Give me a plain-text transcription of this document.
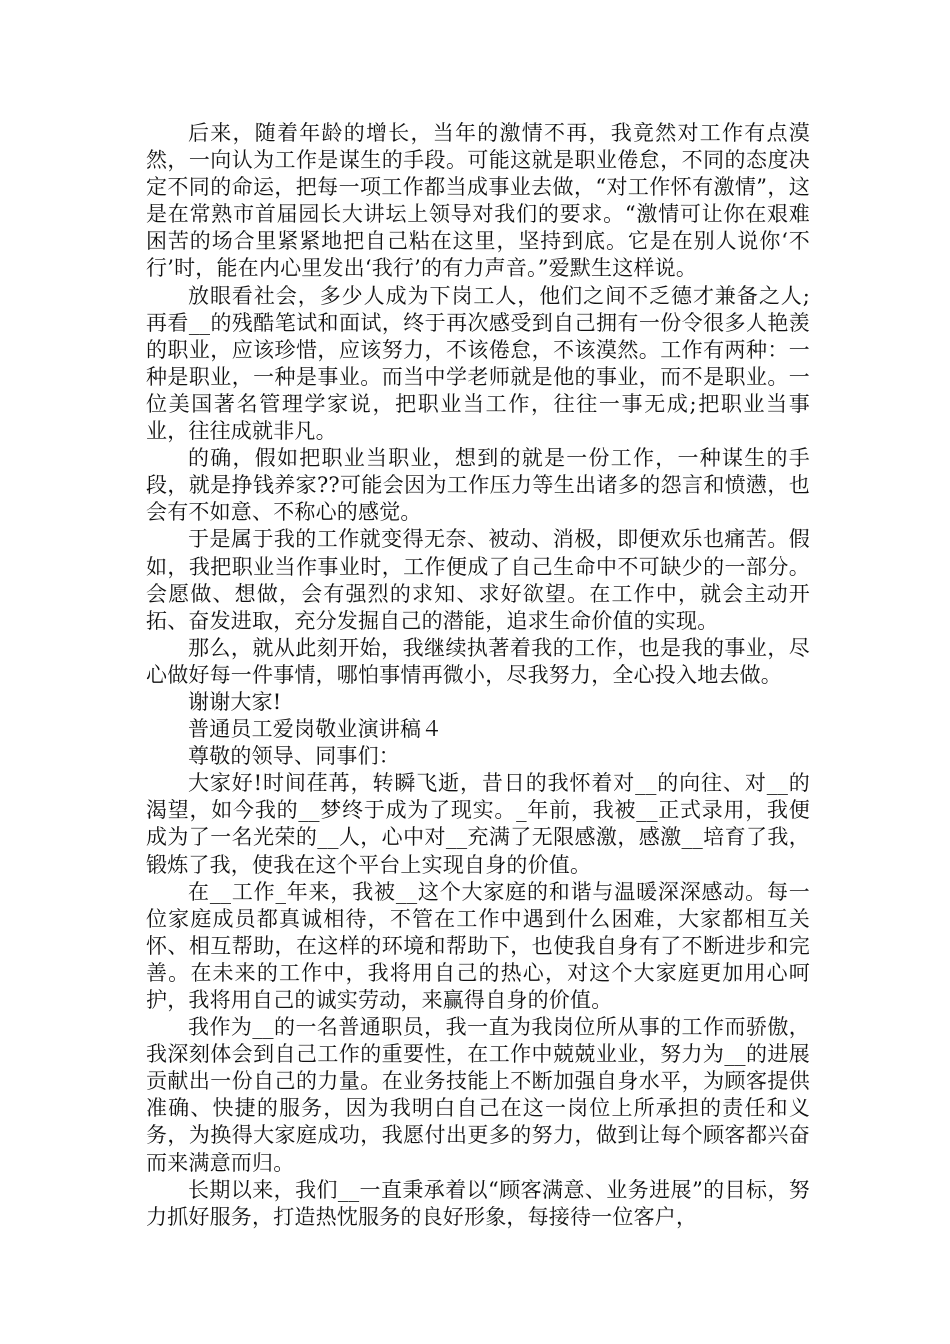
后来，随着年龄的增长，当年的激情不再，我竟然对工作有点漠然，一向认为工作是谋生的手段。可能这就是职业倦怠，不同的态度决定不同的命运，把每一项工作都当成事业去做，“对工作怀有激情”，这是在常熟市首届园长大讲坛上领导对我们的要求。“激情可让你在艰难困苦的场合里紧紧地把自己粘在这里，坚持到底。它是在别人说你‘不行’时，能在内心里发出‘我行’的有力声音。”爱默生这样说。

放眼看社会，多少人成为下岗工人，他们之间不乏德才兼备之人;再看__的残酷笔试和面试，终于再次感受到自己拥有一份令很多人艳羡的职业，应该珍惜，应该努力，不该倦怠，不该漠然。工作有两种：一种是职业，一种是事业。而当中学老师就是他的事业，而不是职业。一位美国著名管理学家说，把职业当工作，往往一事无成;把职业当事业，往往成就非凡。

的确，假如把职业当职业，想到的就是一份工作，一种谋生的手段，就是挣钱养家??可能会因为工作压力等生出诸多的怨言和愤懑，也会有不如意、不称心的感觉。

于是属于我的工作就变得无奈、被动、消极，即便欢乐也痛苦。假如，我把职业当作事业时，工作便成了自己生命中不可缺少的一部分。会愿做、想做，会有强烈的求知、求好欲望。在工作中，就会主动开拓、奋发进取，充分发掘自己的潜能，追求生命价值的实现。

那么，就从此刻开始，我继续执著着我的工作，也是我的事业，尽心做好每一件事情，哪怕事情再微小，尽我努力，全心投入地去做。

谢谢大家!

普通员工爱岗敬业演讲稿４

尊敬的领导、同事们：

大家好!时间荏苒，转瞬飞逝，昔日的我怀着对__的向往、对__的渴望，如今我的__梦终于成为了现实。_年前，我被__正式录用，我便成为了一名光荣的__人，心中对__充满了无限感激，感激__培育了我，锻炼了我，使我在这个平台上实现自身的价值。

在__工作_年来，我被__这个大家庭的和谐与温暖深深感动。每一位家庭成员都真诚相待，不管在工作中遇到什么困难，大家都相互关怀、相互帮助，在这样的环境和帮助下，也使我自身有了不断进步和完善。在未来的工作中，我将用自己的热心，对这个大家庭更加用心呵护，我将用自己的诚实劳动，来赢得自身的价值。

我作为__的一名普通职员，我一直为我岗位所从事的工作而骄傲，我深刻体会到自己工作的重要性，在工作中兢兢业业，努力为__的进展贡献出一份自己的力量。在业务技能上不断加强自身水平，为顾客提供准确、快捷的服务，因为我明白自己在这一岗位上所承担的责任和义务，为换得大家庭成功，我愿付出更多的努力，做到让每个顾客都兴奋而来满意而归。

长期以来，我们__一直秉承着以“顾客满意、业务进展”的目标，努力抓好服务，打造热忱服务的良好形象，每接待一位客户，
